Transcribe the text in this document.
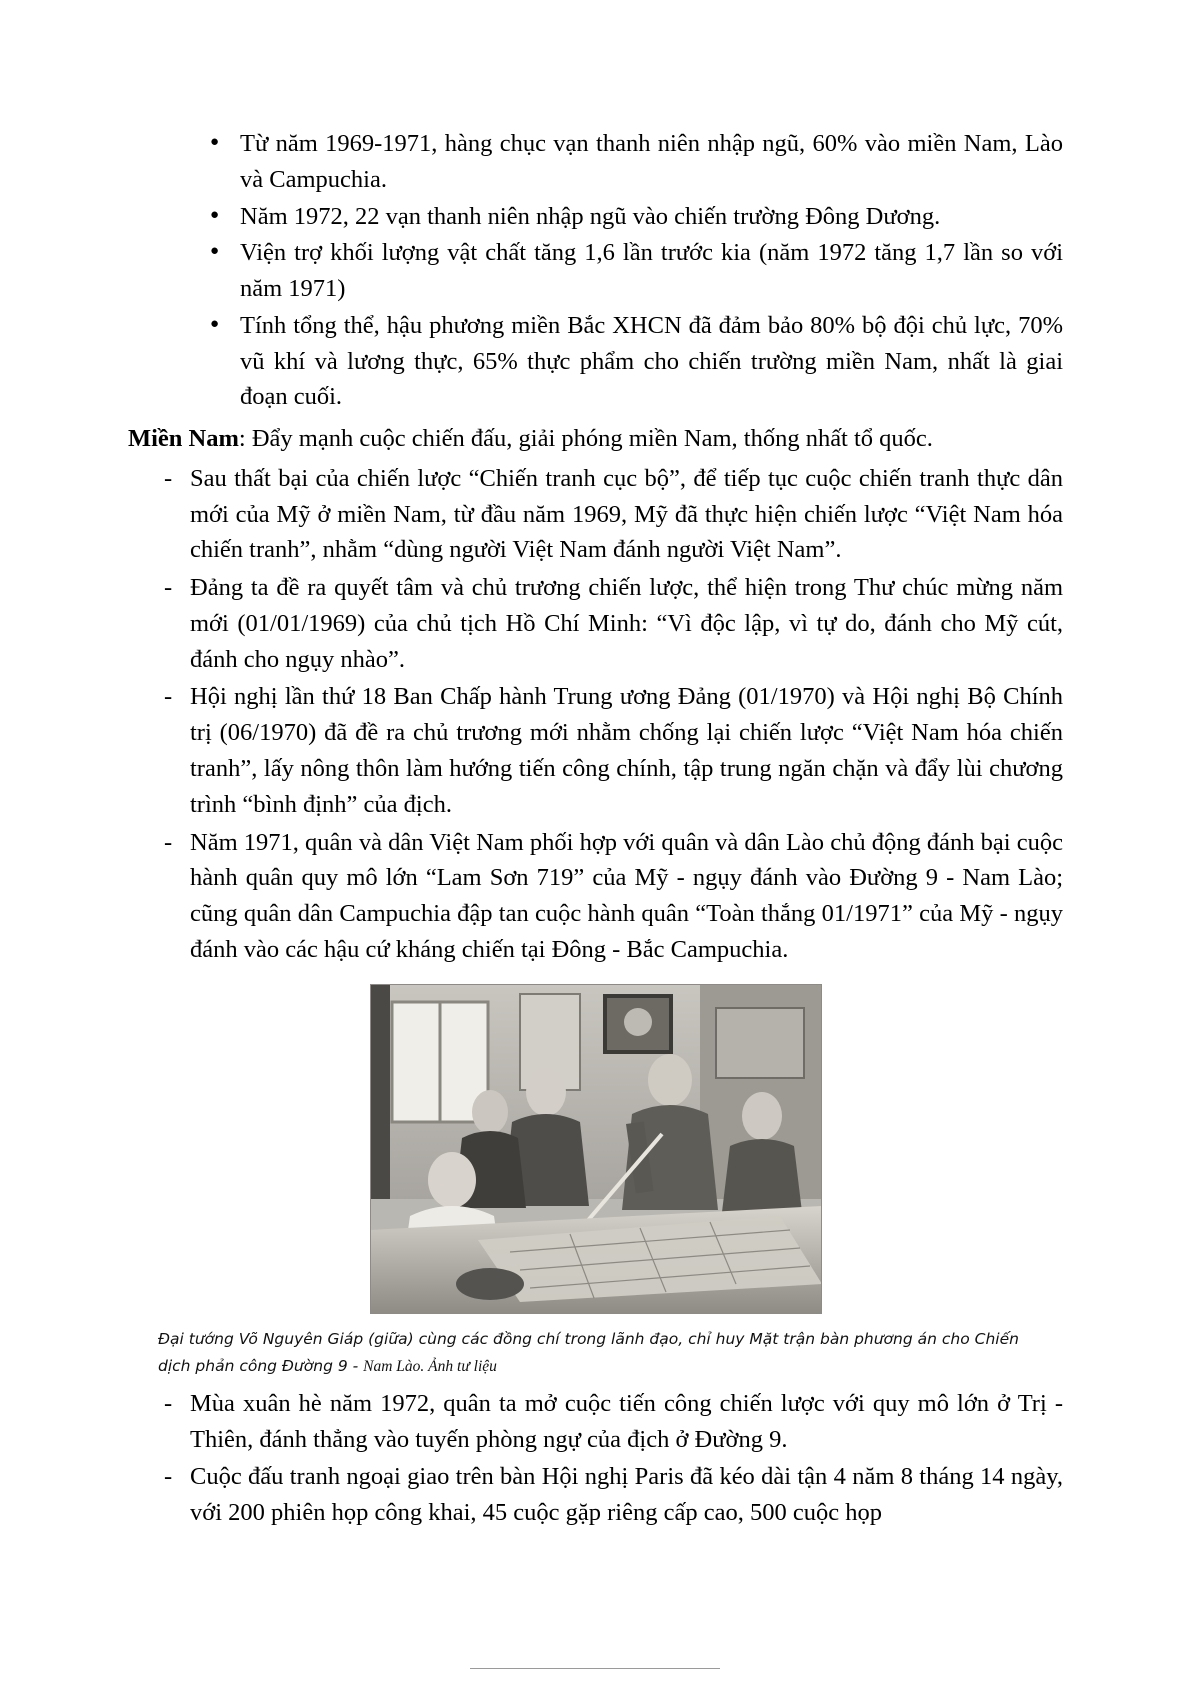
● Từ năm 1969-1971, hàng chục vạn thanh niên nhập ngũ, 60% vào miền Nam, Lào và Campuchia.
● Năm 1972, 22 vạn thanh niên nhập ngũ vào chiến trường Đông Dương.
● Viện trợ khối lượng vật chất tăng 1,6 lần trước kia (năm 1972 tăng 1,7 lần so với năm 1971)
● Tính tổng thể, hậu phương miền Bắc XHCN đã đảm bảo 80% bộ đội chủ lực, 70% vũ khí và lương thực, 65% thực phẩm cho chiến trường miền Nam, nhất là giai đoạn cuối.

Miền Nam: Đẩy mạnh cuộc chiến đấu, giải phóng miền Nam, thống nhất tổ quốc.

- Sau thất bại của chiến lược “Chiến tranh cục bộ”, để tiếp tục cuộc chiến tranh thực dân mới của Mỹ ở miền Nam, từ đầu năm 1969, Mỹ đã thực hiện chiến lược “Việt Nam hóa chiến tranh”, nhằm “dùng người Việt Nam đánh người Việt Nam”.
- Đảng ta đề ra quyết tâm và chủ trương chiến lược, thể hiện trong Thư chúc mừng năm mới (01/01/1969) của chủ tịch Hồ Chí Minh: “Vì độc lập, vì tự do, đánh cho Mỹ cút, đánh cho ngụy nhào”.
- Hội nghị lần thứ 18 Ban Chấp hành Trung ương Đảng (01/1970) và Hội nghị Bộ Chính trị (06/1970) đã đề ra chủ trương mới nhằm chống lại chiến lược “Việt Nam hóa chiến tranh”, lấy nông thôn làm hướng tiến công chính, tập trung ngăn chặn và đẩy lùi chương trình “bình định” của địch.
- Năm 1971, quân và dân Việt Nam phối hợp với quân và dân Lào chủ động đánh bại cuộc hành quân quy mô lớn “Lam Sơn 719” của Mỹ - ngụy đánh vào Đường 9 - Nam Lào; cũng quân dân Campuchia đập tan cuộc hành quân “Toàn thắng 01/1971” của Mỹ - ngụy đánh vào các hậu cứ kháng chiến tại Đông - Bắc Campuchia.
Đại tướng Võ Nguyên Giáp (giữa) cùng các đồng chí trong lãnh đạo, chỉ huy Mặt trận bàn phương án cho Chiến dịch phản công Đường 9 - Nam Lào. Ảnh tư liệu
- Mùa xuân hè năm 1972, quân ta mở cuộc tiến công chiến lược với quy mô lớn ở Trị - Thiên, đánh thẳng vào tuyến phòng ngự của địch ở Đường 9.
- Cuộc đấu tranh ngoại giao trên bàn Hội nghị Paris đã kéo dài tận 4 năm 8 tháng 14 ngày, với 200 phiên họp công khai, 45 cuộc gặp riêng cấp cao, 500 cuộc họp
